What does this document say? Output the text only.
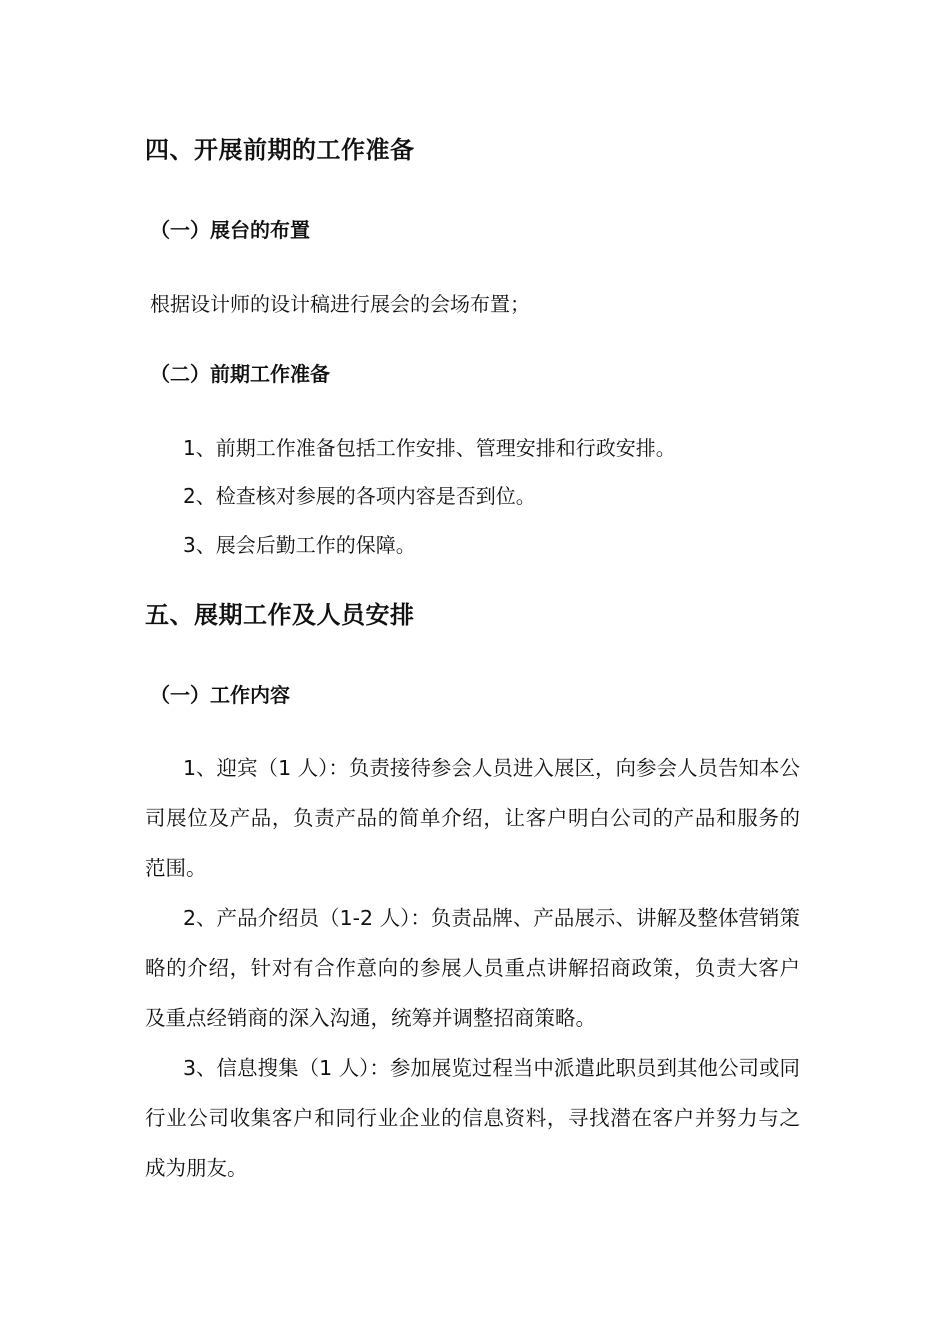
四、开展前期的工作准备
（一）展台的布置
根据设计师的设计稿进行展会的会场布置；
（二）前期工作准备
1、前期工作准备包括工作安排、管理安排和行政安排。
2、检查核对参展的各项内容是否到位。
3、展会后勤工作的保障。
五、展期工作及人员安排
（一）工作内容
1、迎宾（1 人）：负责接待参会人员进入展区，向参会人员告知本公司展位及产品，负责产品的简单介绍，让客户明白公司的产品和服务的范围。
2、产品介绍员（1-2 人）：负责品牌、产品展示、讲解及整体营销策略的介绍，针对有合作意向的参展人员重点讲解招商政策，负责大客户及重点经销商的深入沟通，统筹并调整招商策略。
3、信息搜集（1 人）：参加展览过程当中派遣此职员到其他公司或同行业公司收集客户和同行业企业的信息资料，寻找潜在客户并努力与之成为朋友。
